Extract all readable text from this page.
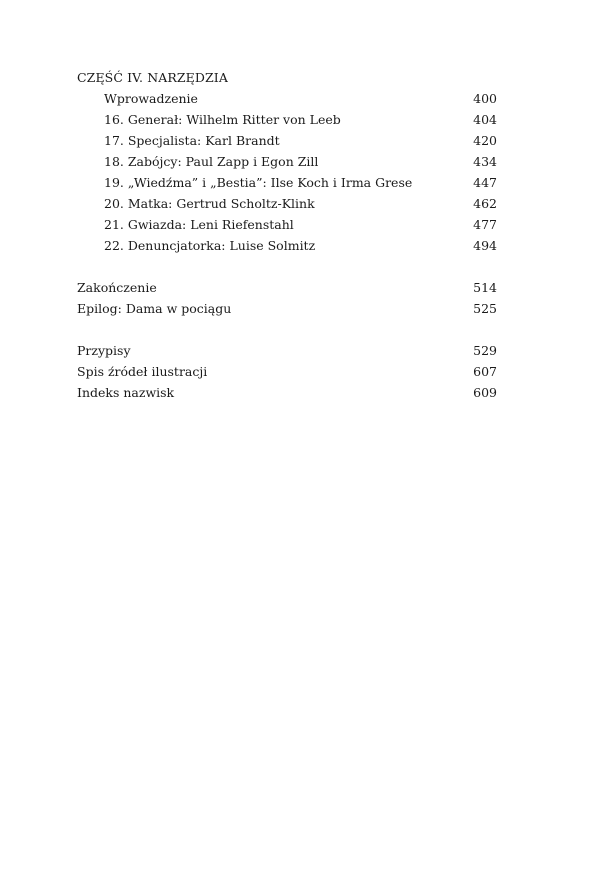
CZĘŚĆ IV. NARZĘDZIA
Wprowadzenie	400
16. Generał: Wilhelm Ritter von Leeb	404
17. Specjalista: Karl Brandt	420
18. Zabójcy: Paul Zapp i Egon Zill	434
19. „Wiedźma” i „Bestia”: Ilse Koch i Irma Grese	447
20. Matka: Gertrud Scholtz-Klink	462
21. Gwiazda: Leni Riefenstahl	477
22. Denuncjatorka: Luise Solmitz	494
Zakończenie	514
Epilog: Dama w pociągu	525
Przypisy	529
Spis źródeł ilustracji	607
Indeks nazwisk	609
